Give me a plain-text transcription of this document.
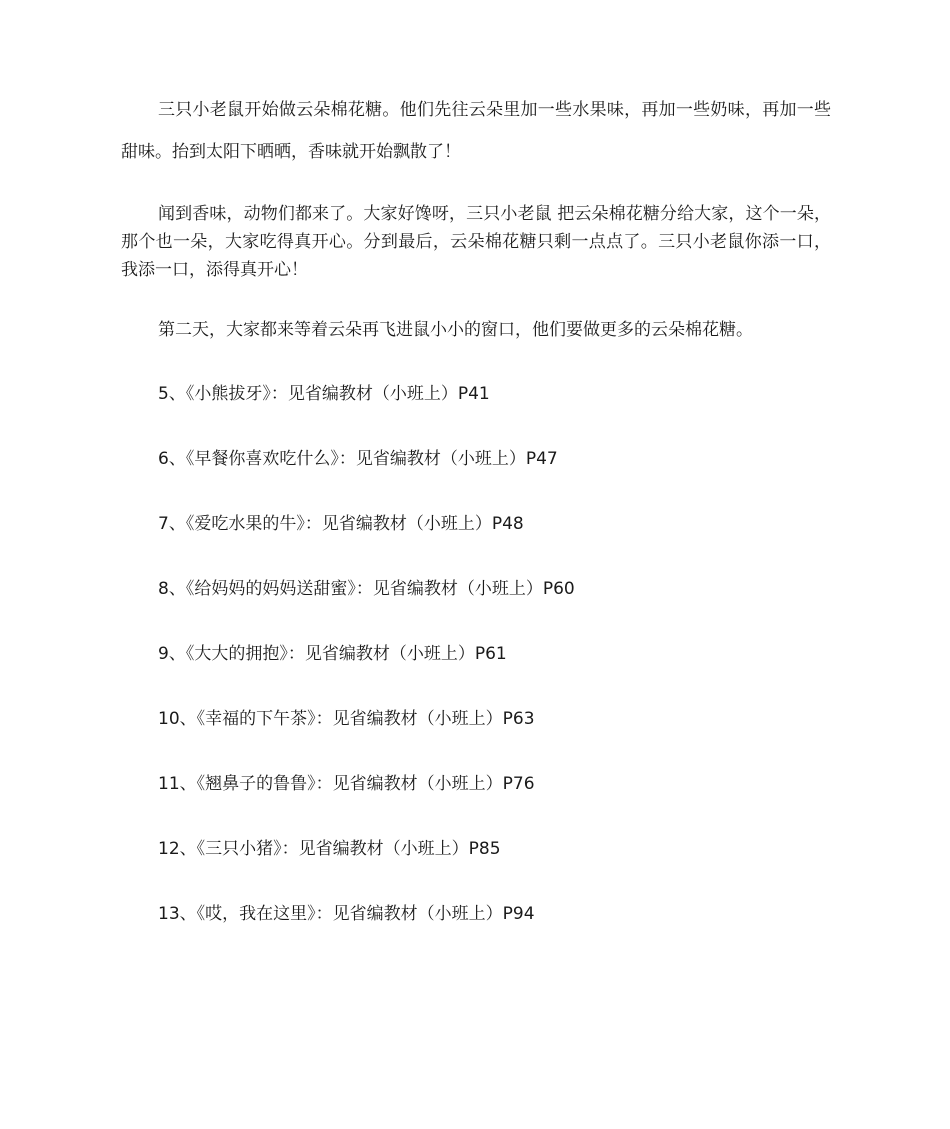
三只小老鼠开始做云朵棉花糖。他们先往云朵里加一些水果味，再加一些奶味，再加一些甜味。抬到太阳下晒晒，香味就开始飘散了！

闻到香味，动物们都来了。大家好馋呀，三只小老鼠 把云朵棉花糖分给大家，这个一朵，那个也一朵，大家吃得真开心。分到最后，云朵棉花糖只剩一点点了。三只小老鼠你添一口，我添一口，添得真开心！

第二天，大家都来等着云朵再飞进鼠小小的窗口，他们要做更多的云朵棉花糖。

5、《小熊拔牙》：见省编教材（小班上）P41

6、《早餐你喜欢吃什么》：见省编教材（小班上）P47

7、《爱吃水果的牛》：见省编教材（小班上）P48

8、《给妈妈的妈妈送甜蜜》：见省编教材（小班上）P60

9、《大大的拥抱》：见省编教材（小班上）P61

10、《幸福的下午茶》：见省编教材（小班上）P63

11、《翘鼻子的鲁鲁》：见省编教材（小班上）P76

12、《三只小猪》：见省编教材（小班上）P85

13、《哎，我在这里》：见省编教材（小班上）P94
